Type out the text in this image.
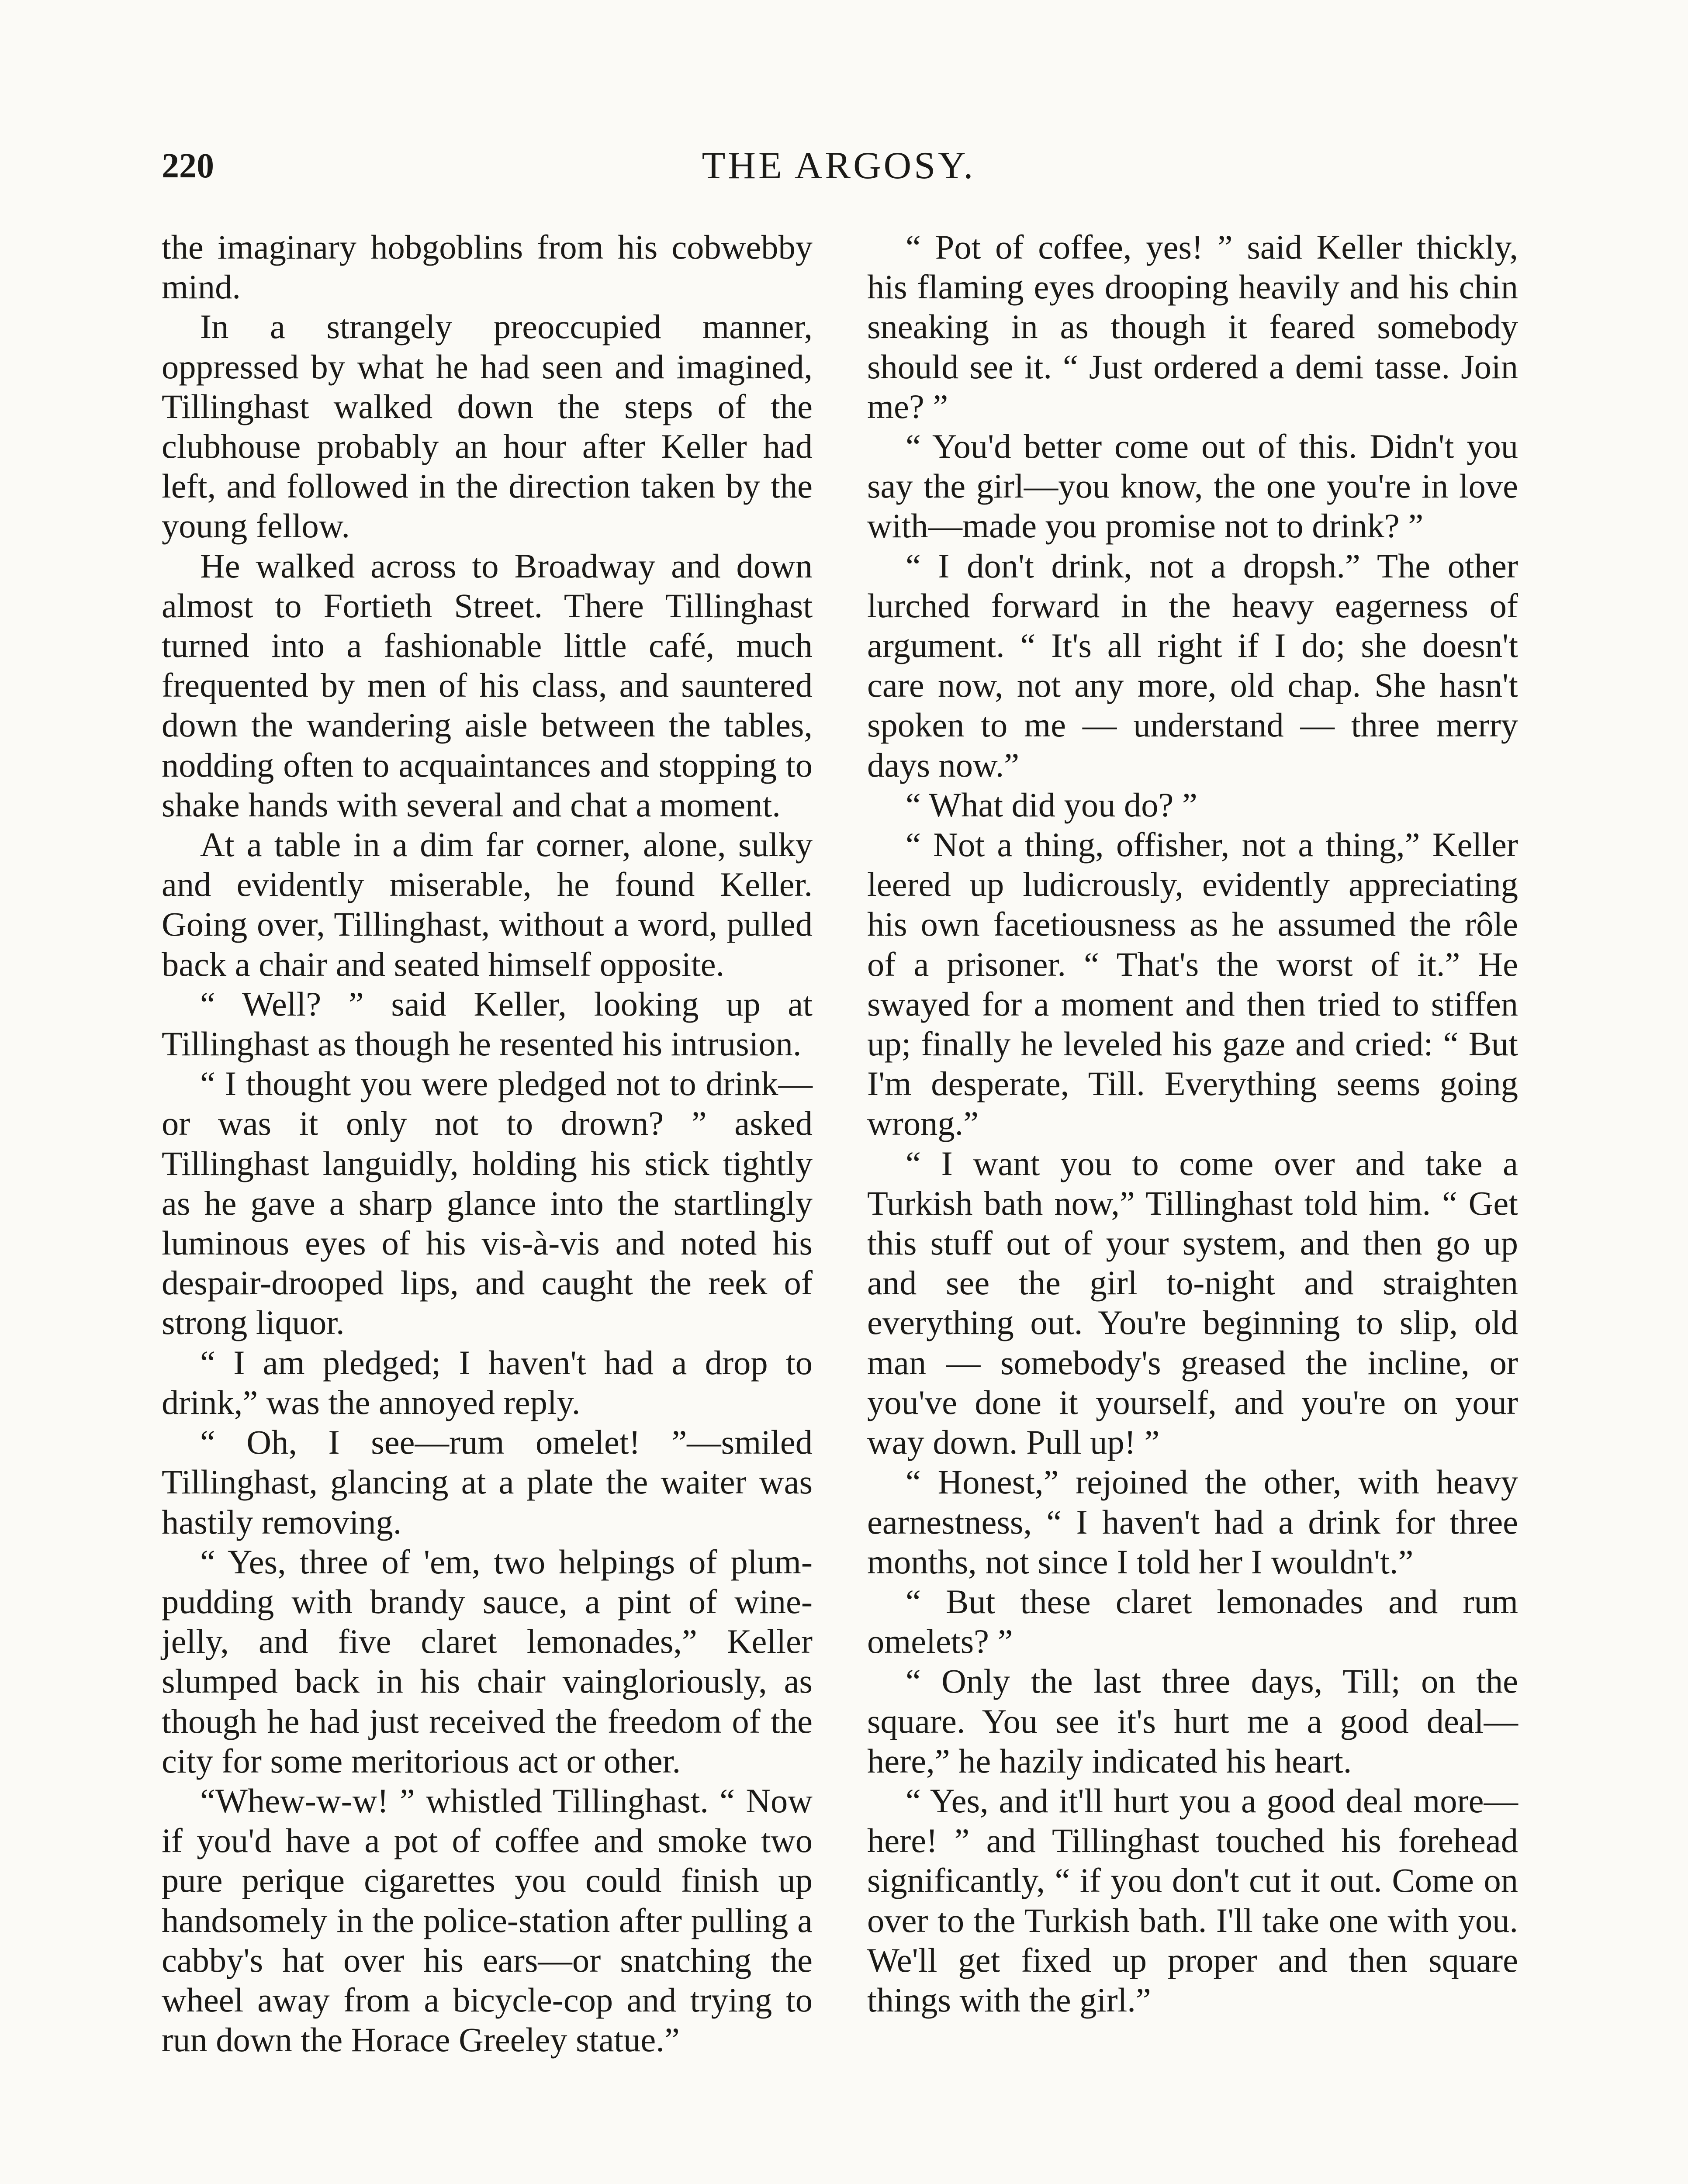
220	THE ARGOSY.

the imaginary hobgoblins from his cobwebby mind.

In a strangely preoccupied manner, oppressed by what he had seen and imagined, Tillinghast walked down the steps of the clubhouse probably an hour after Keller had left, and followed in the direction taken by the young fellow.

He walked across to Broadway and down almost to Fortieth Street. There Tillinghast turned into a fashionable little café, much frequented by men of his class, and sauntered down the wandering aisle between the tables, nodding often to acquaintances and stopping to shake hands with several and chat a moment.

At a table in a dim far corner, alone, sulky and evidently miserable, he found Keller. Going over, Tillinghast, without a word, pulled back a chair and seated himself opposite.

“ Well? ” said Keller, looking up at Tillinghast as though he resented his intrusion.

“ I thought you were pledged not to drink—or was it only not to drown? ” asked Tillinghast languidly, holding his stick tightly as he gave a sharp glance into the startlingly luminous eyes of his vis-à-vis and noted his despair-drooped lips, and caught the reek of strong liquor.

“ I am pledged; I haven't had a drop to drink,” was the annoyed reply.

“ Oh, I see—rum omelet! ”—smiled Tillinghast, glancing at a plate the waiter was hastily removing.

“ Yes, three of 'em, two helpings of plum-pudding with brandy sauce, a pint of wine-jelly, and five claret lemonades,” Keller slumped back in his chair vaingloriously, as though he had just received the freedom of the city for some meritorious act or other.

“Whew-w-w! ” whistled Tillinghast. “ Now if you'd have a pot of coffee and smoke two pure perique cigarettes you could finish up handsomely in the police-station after pulling a cabby's hat over his ears—or snatching the wheel away from a bicycle-cop and trying to run down the Horace Greeley statue.”

“ Pot of coffee, yes! ” said Keller thickly, his flaming eyes drooping heavily and his chin sneaking in as though it feared somebody should see it. “ Just ordered a demi tasse. Join me? ”

“ You'd better come out of this. Didn't you say the girl—you know, the one you're in love with—made you promise not to drink? ”

“ I don't drink, not a dropsh.” The other lurched forward in the heavy eagerness of argument. “ It's all right if I do; she doesn't care now, not any more, old chap. She hasn't spoken to me — understand — three merry days now.”

“ What did you do? ”

“ Not a thing, offisher, not a thing,” Keller leered up ludicrously, evidently appreciating his own facetiousness as he assumed the rôle of a prisoner. “ That's the worst of it.” He swayed for a moment and then tried to stiffen up; finally he leveled his gaze and cried: “ But I'm desperate, Till. Everything seems going wrong.”

“ I want you to come over and take a Turkish bath now,” Tillinghast told him. “ Get this stuff out of your system, and then go up and see the girl to-night and straighten everything out. You're beginning to slip, old man — somebody's greased the incline, or you've done it yourself, and you're on your way down. Pull up! ”

“ Honest,” rejoined the other, with heavy earnestness, “ I haven't had a drink for three months, not since I told her I wouldn't.”

“ But these claret lemonades and rum omelets? ”

“ Only the last three days, Till; on the square. You see it's hurt me a good deal—here,” he hazily indicated his heart.

“ Yes, and it'll hurt you a good deal more—here! ” and Tillinghast touched his forehead significantly, “ if you don't cut it out. Come on over to the Turkish bath. I'll take one with you. We'll get fixed up proper and then square things with the girl.”
